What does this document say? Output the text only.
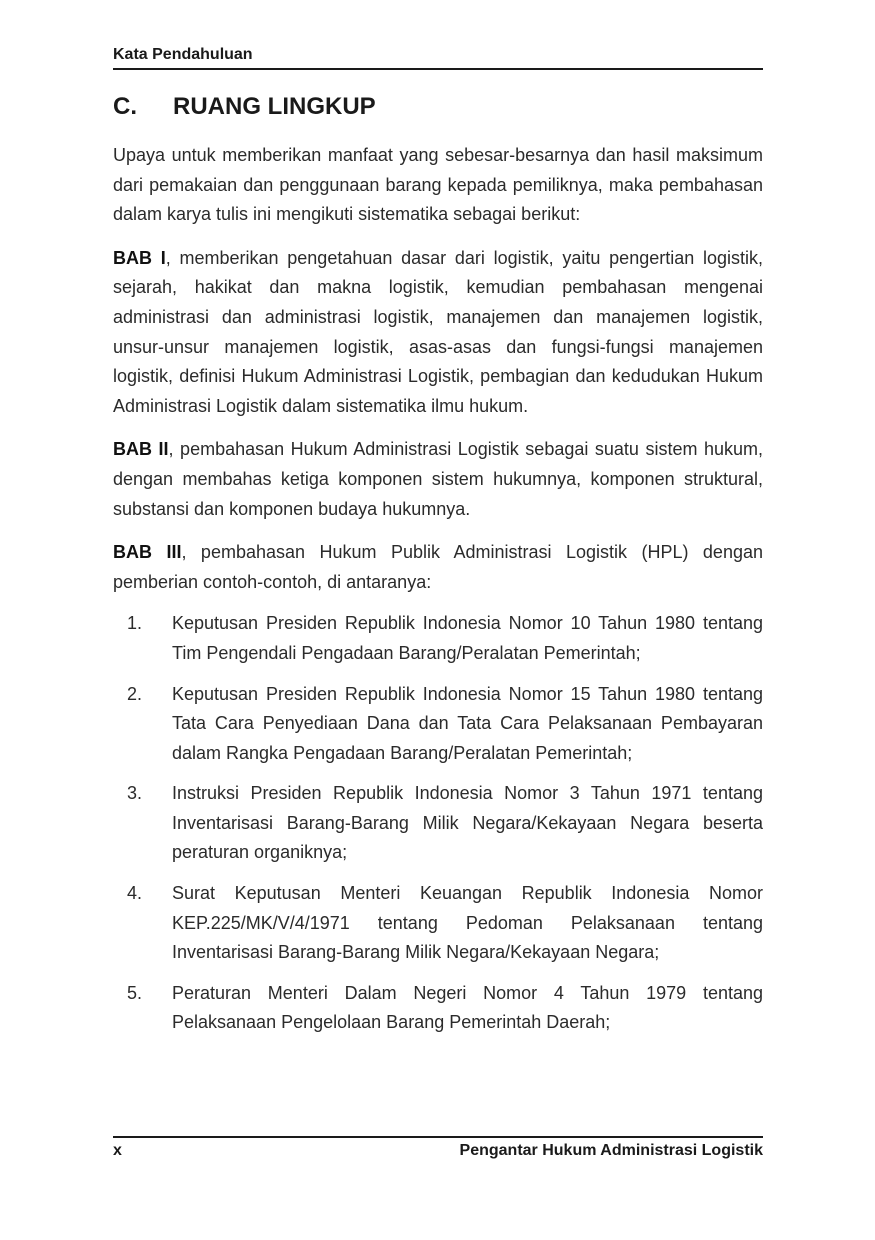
Kata Pendahuluan
C. RUANG LINGKUP

Upaya untuk memberikan manfaat yang sebesar-besarnya dan hasil maksimum dari pemakaian dan penggunaan barang kepada pemiliknya, maka pembahasan dalam karya tulis ini mengikuti sistematika sebagai berikut:

BAB I, memberikan pengetahuan dasar dari logistik, yaitu pengertian logistik, sejarah, hakikat dan makna logistik, kemudian pembahasan mengenai administrasi dan administrasi logistik, manajemen dan manajemen logistik, unsur-unsur manajemen logistik, asas-asas dan fungsi-fungsi manajemen logistik, definisi Hukum Administrasi Logistik, pembagian dan kedudukan Hukum Administrasi Logistik dalam sistematika ilmu hukum.

BAB II, pembahasan Hukum Administrasi Logistik sebagai suatu sistem hukum, dengan membahas ketiga komponen sistem hukumnya, komponen struktural, substansi dan komponen budaya hukumnya.

BAB III, pembahasan Hukum Publik Administrasi Logistik (HPL) dengan pemberian contoh-contoh, di antaranya:

1. Keputusan Presiden Republik Indonesia Nomor 10 Tahun 1980 tentang Tim Pengendali Pengadaan Barang/Peralatan Pemerintah;
2. Keputusan Presiden Republik Indonesia Nomor 15 Tahun 1980 tentang Tata Cara Penyediaan Dana dan Tata Cara Pelaksanaan Pembayaran dalam Rangka Pengadaan Barang/Peralatan Pemerintah;
3. Instruksi Presiden Republik Indonesia Nomor 3 Tahun 1971 tentang Inventarisasi Barang-Barang Milik Negara/Kekayaan Negara beserta peraturan organiknya;
4. Surat Keputusan Menteri Keuangan Republik Indonesia Nomor KEP.225/MK/V/4/1971 tentang Pedoman Pelaksanaan tentang Inventarisasi Barang-Barang Milik Negara/Kekayaan Negara;
5. Peraturan Menteri Dalam Negeri Nomor 4 Tahun 1979 tentang Pelaksanaan Pengelolaan Barang Pemerintah Daerah;
x	Pengantar Hukum Administrasi Logistik
